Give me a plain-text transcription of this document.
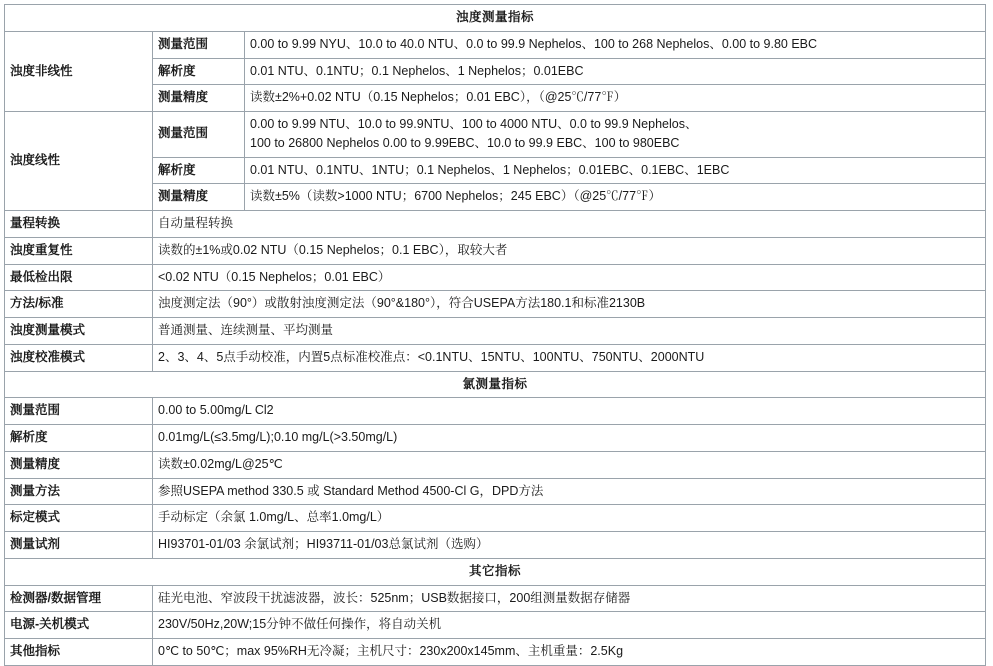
浊度测量指标		
浊度非线性	测量范围	0.00 to 9.99 NYU、10.0 to 40.0 NTU、0.0 to 99.9 Nephelos、100 to 268 Nephelos、0.00 to 9.80 EBC
	解析度	0.01 NTU、0.1NTU；0.1 Nephelos、1 Nephelos；0.01EBC
	测量精度	读数±2%+0.02 NTU（0.15 Nephelos；0.01 EBC），（@25℃/77℉）
浊度线性	测量范围	0.00 to 9.99 NTU、10.0 to 99.9NTU、100 to 4000 NTU、0.0 to 99.9 Nephelos、
100 to 26800 Nephelos 0.00 to 9.99EBC、10.0 to 99.9 EBC、100 to 980EBC

	解析度	0.01 NTU、0.1NTU、1NTU；0.1 Nephelos、1 Nephelos；0.01EBC、0.1EBC、1EBC
	测量精度	读数±5%（读数>1000 NTU；6700 Nephelos；245 EBC）（@25℃/77℉）
量程转换	自动量程转换	
浊度重复性	读数的±1%或0.02 NTU（0.15 Nephelos；0.1 EBC），取较大者	
最低检出限	<0.02 NTU（0.15 Nephelos；0.01 EBC）	
方法/标准	浊度测定法（90°）或散射浊度测定法（90°&180°），符合USEPA方法180.1和标准2130B	
浊度测量模式	普通测量、连续测量、平均测量	
浊度校准模式	2、3、4、5点手动校准，内置5点标准校准点：<0.1NTU、15NTU、100NTU、750NTU、2000NTU	
氯测量指标		
测量范围	0.00 to 5.00mg/L Cl2	
解析度	0.01mg/L(≤3.5mg/L);0.10 mg/L(>3.50mg/L)	
测量精度	读数±0.02mg/L@25℃	
测量方法	参照USEPA method 330.5 或 Standard Method 4500-Cl G，DPD方法	
标定模式	手动标定（余氯 1.0mg/L、总率1.0mg/L）	
测量试剂	HI93701-01/03 余氯试剂；HI93711-01/03总氯试剂（选购）	
其它指标		
检测器/数据管理	硅光电池、窄波段干扰滤波器，波长：525nm；USB数据接口，200组测量数据存储器	
电源-关机模式	230V/50Hz,20W;15分钟不做任何操作，将自动关机	
其他指标	0℃ to 50℃；max 95%RH无冷凝；主机尺寸：230x200x145mm、主机重量：2.5Kg	
